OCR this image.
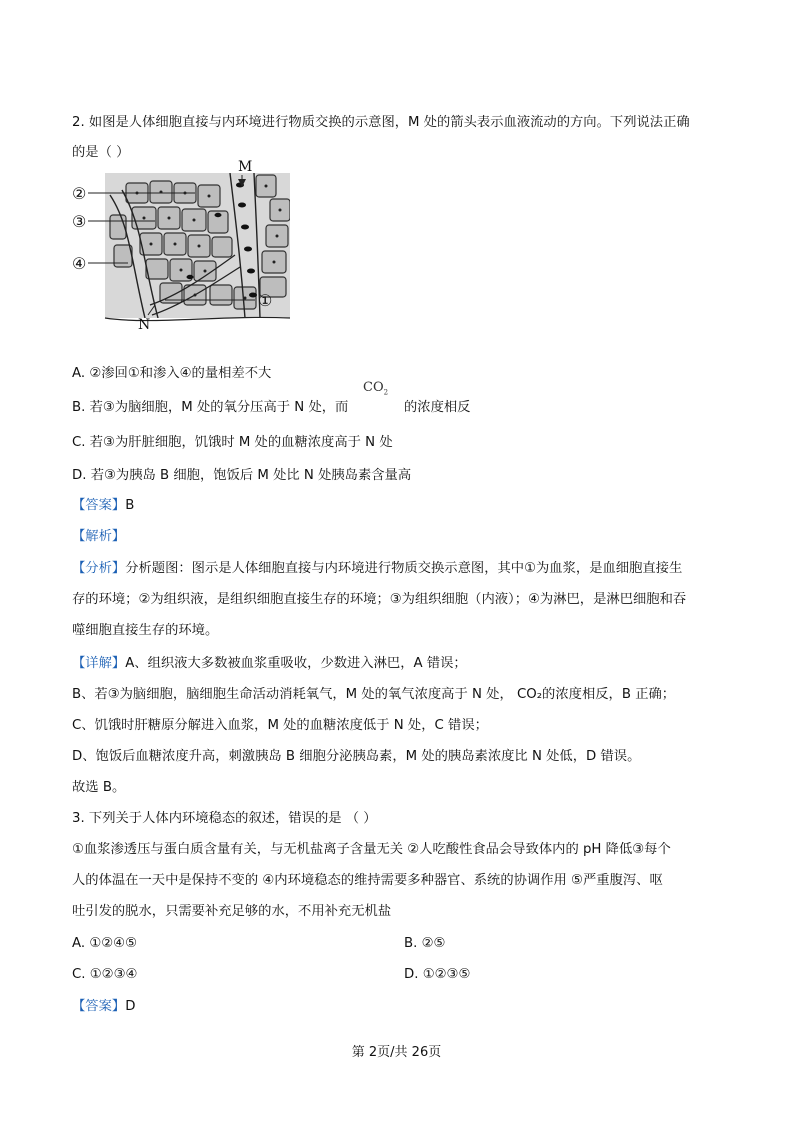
2. 如图是人体细胞直接与内环境进行物质交换的示意图，M 处的箭头表示血液流动的方向。下列说法正确
的是（ ）
M
N
②
③
④
①
A. ②渗回①和渗入④的量相差不大
B. 若③为脑细胞，M 处的氧分压高于 N 处，而
$CO_2$
的浓度相反
C. 若③为肝脏细胞，饥饿时 M 处的血糖浓度高于 N 处
D. 若③为胰岛 B 细胞，饱饭后 M 处比 N 处胰岛素含量高
【答案】B
【解析】
【分析】分析题图：图示是人体细胞直接与内环境进行物质交换示意图，其中①为血浆，是血细胞直接生
存的环境；②为组织液，是组织细胞直接生存的环境；③为组织细胞（内液）；④为淋巴，是淋巴细胞和吞
噬细胞直接生存的环境。
【详解】A、组织液大多数被血浆重吸收，少数进入淋巴，A 错误；
B、若③为脑细胞，脑细胞生命活动消耗氧气，M 处的氧气浓度高于 N 处， CO₂的浓度相反，B 正确；
C、饥饿时肝糖原分解进入血浆，M 处的血糖浓度低于 N 处，C 错误；
D、饱饭后血糖浓度升高，刺激胰岛 B 细胞分泌胰岛素，M 处的胰岛素浓度比 N 处低，D 错误。
故选 B。
3. 下列关于人体内环境稳态的叙述，错误的是 （ ）
①血浆渗透压与蛋白质含量有关，与无机盐离子含量无关 ②人吃酸性食品会导致体内的 pH 降低③每个
人的体温在一天中是保持不变的 ④内环境稳态的维持需要多种器官、系统的协调作用 ⑤严重腹泻、呕
吐引发的脱水，只需要补充足够的水，不用补充无机盐
A. ①②④⑤	B. ②⑤
C. ①②③④	D. ①②③⑤
【答案】D
第 2页/共 26页
